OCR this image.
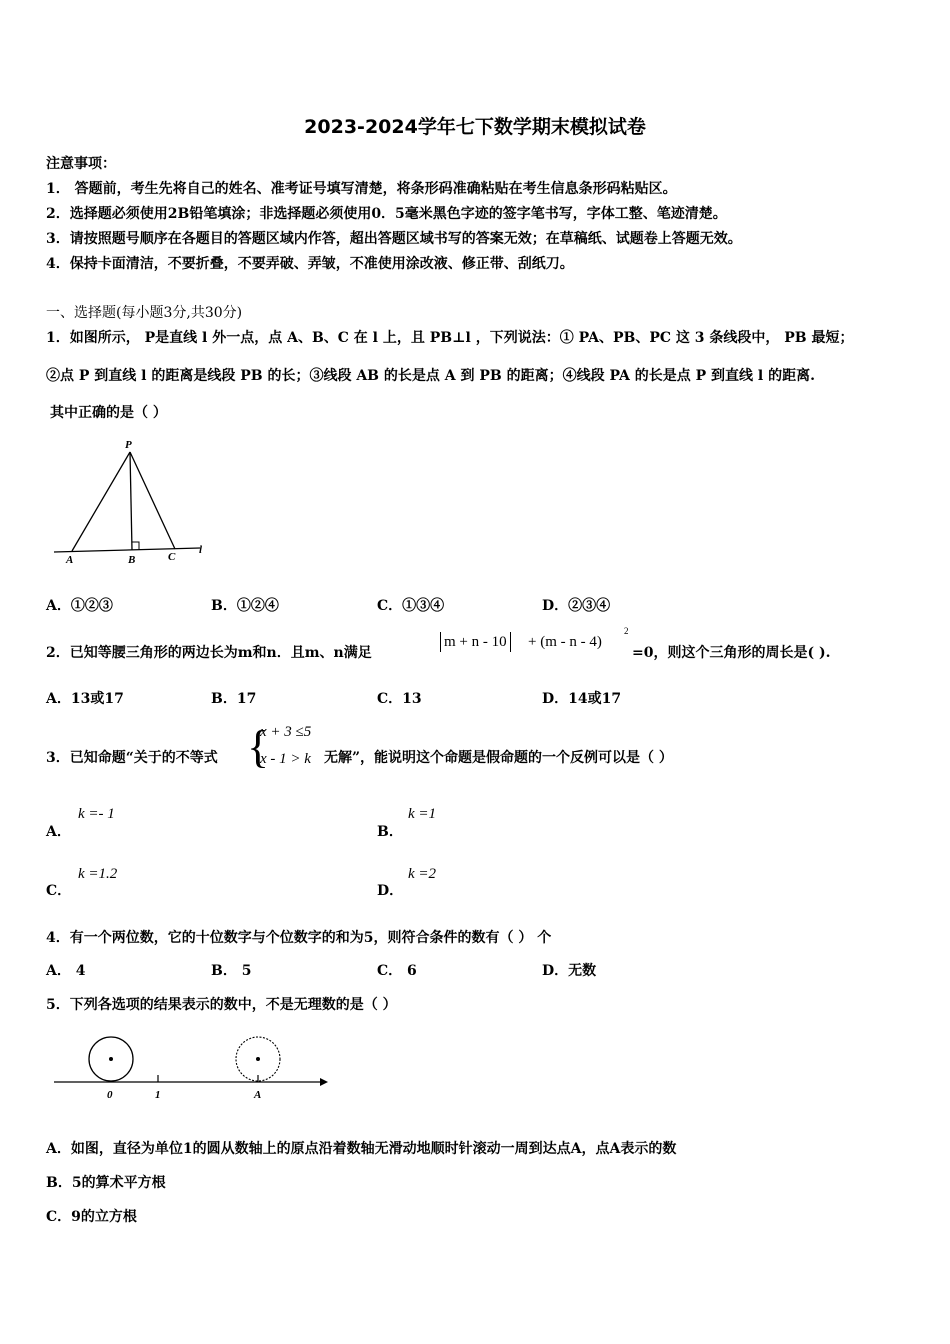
2023-2024学年七下数学期末模拟试卷
注意事项：
1． 答题前，考生先将自己的姓名、准考证号填写清楚，将条形码准确粘贴在考生信息条形码粘贴区。
2．选择题必须使用2B铅笔填涂；非选择题必须使用0．5毫米黑色字迹的签字笔书写，字体工整、笔迹清楚。
3．请按照题号顺序在各题目的答题区域内作答，超出答题区域书写的答案无效；在草稿纸、试题卷上答题无效。
4．保持卡面清洁，不要折叠，不要弄破、弄皱，不准使用涂改液、修正带、刮纸刀。
一、选择题(每小题3分,共30分)
1．如图所示， P是直线 l 外一点，点 A、B、C 在 l 上，且 PB⊥l ，下列说法：① PA、PB、PC 这 3 条线段中， PB 最短；
②点 P 到直线 l 的距离是线段 PB 的长；③线段 AB 的长是点 A 到 PB 的距离；④线段 PA 的长是点 P 到直线 l 的距离.
其中正确的是（ ）
P
A	B	C
l
A．①②③	B．①②④	C．①③④	D．②③④
2．已知等腰三角形的两边长为m和n．且m、n满足
m + n - 10 + (m - n - 4)
2
=0，则这个三角形的周长是( ).
A．13或17	B．17	C．13	D．14或17
3．已知命题“关于的不等式 {
x + 3 ≤5
x - 1 > k 无解”，能说明这个命题是假命题的一个反例可以是（ ）
A．
k =- 1
B．
k =1
C．
k =1.2
D．
k =2
4．有一个两位数，它的十位数字与个位数字的和为5，则符合条件的数有（ ） 个
A． 4	B． 5	C． 6	D．无数
5．下列各选项的结果表示的数中，不是无理数的是（ ）
0	1	A
A．如图，直径为单位1的圆从数轴上的原点沿着数轴无滑动地顺时针滚动一周到达点A，点A表示的数
B．5的算术平方根
C．9的立方根
